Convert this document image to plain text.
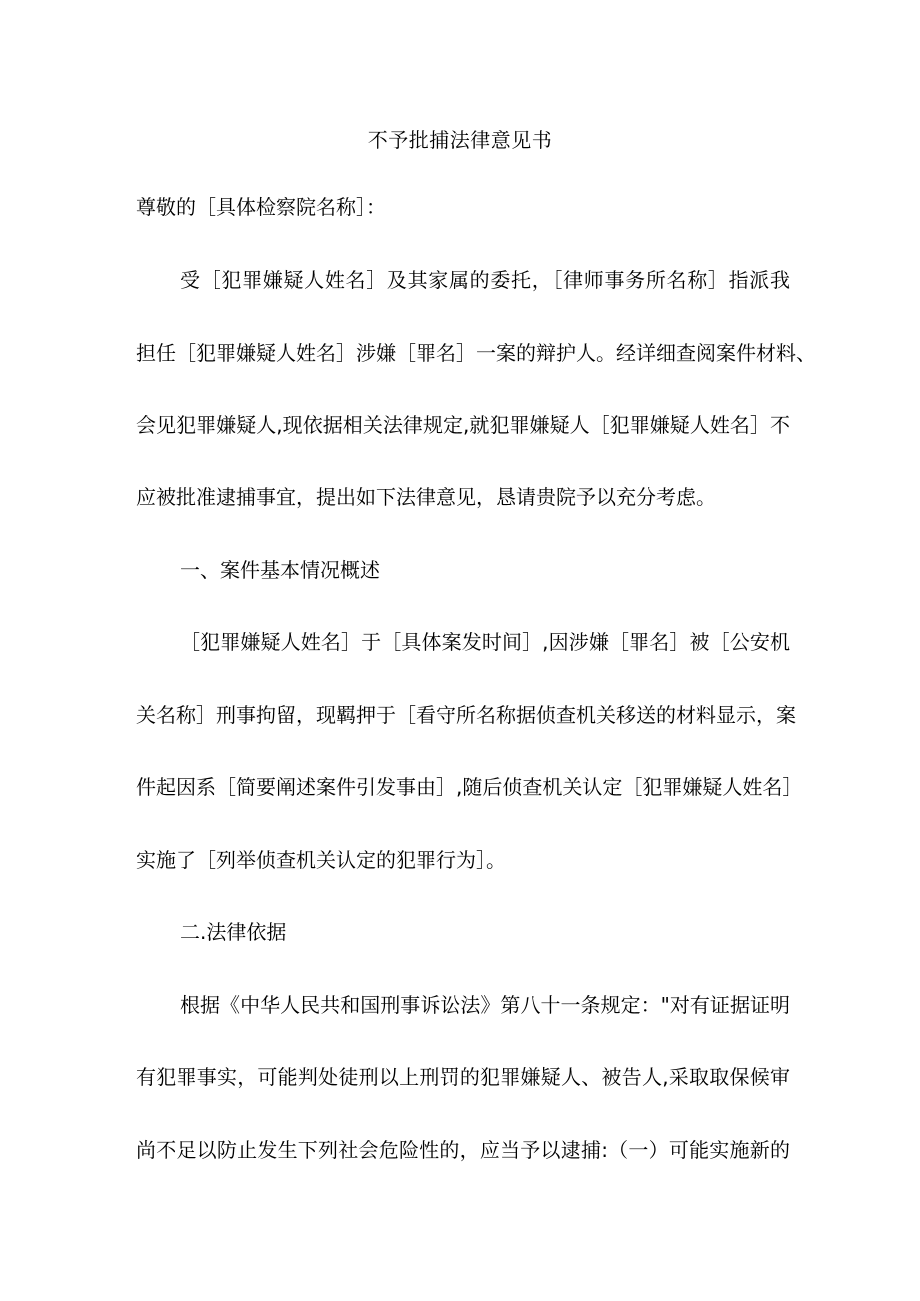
不予批捕法律意见书
尊敬的［具体检察院名称］：
受［犯罪嫌疑人姓名］及其家属的委托，［律师事务所名称］指派我
担任［犯罪嫌疑人姓名］涉嫌［罪名］一案的辩护人。经详细查阅案件材料、
会见犯罪嫌疑人,现依据相关法律规定,就犯罪嫌疑人［犯罪嫌疑人姓名］不
应被批准逮捕事宜，提出如下法律意见，恳请贵院予以充分考虑。
一、案件基本情况概述
［犯罪嫌疑人姓名］于［具体案发时间］,因涉嫌［罪名］被［公安机
关名称］刑事拘留，现羁押于［看守所名称据侦查机关移送的材料显示，案
件起因系［简要阐述案件引发事由］,随后侦查机关认定［犯罪嫌疑人姓名］
实施了［列举侦查机关认定的犯罪行为］。
二.法律依据
根据《中华人民共和国刑事诉讼法》第八十一条规定："对有证据证明
有犯罪事实，可能判处徒刑以上刑罚的犯罪嫌疑人、被告人,采取取保候审
尚不足以防止发生下列社会危险性的，应当予以逮捕:（一）可能实施新的
